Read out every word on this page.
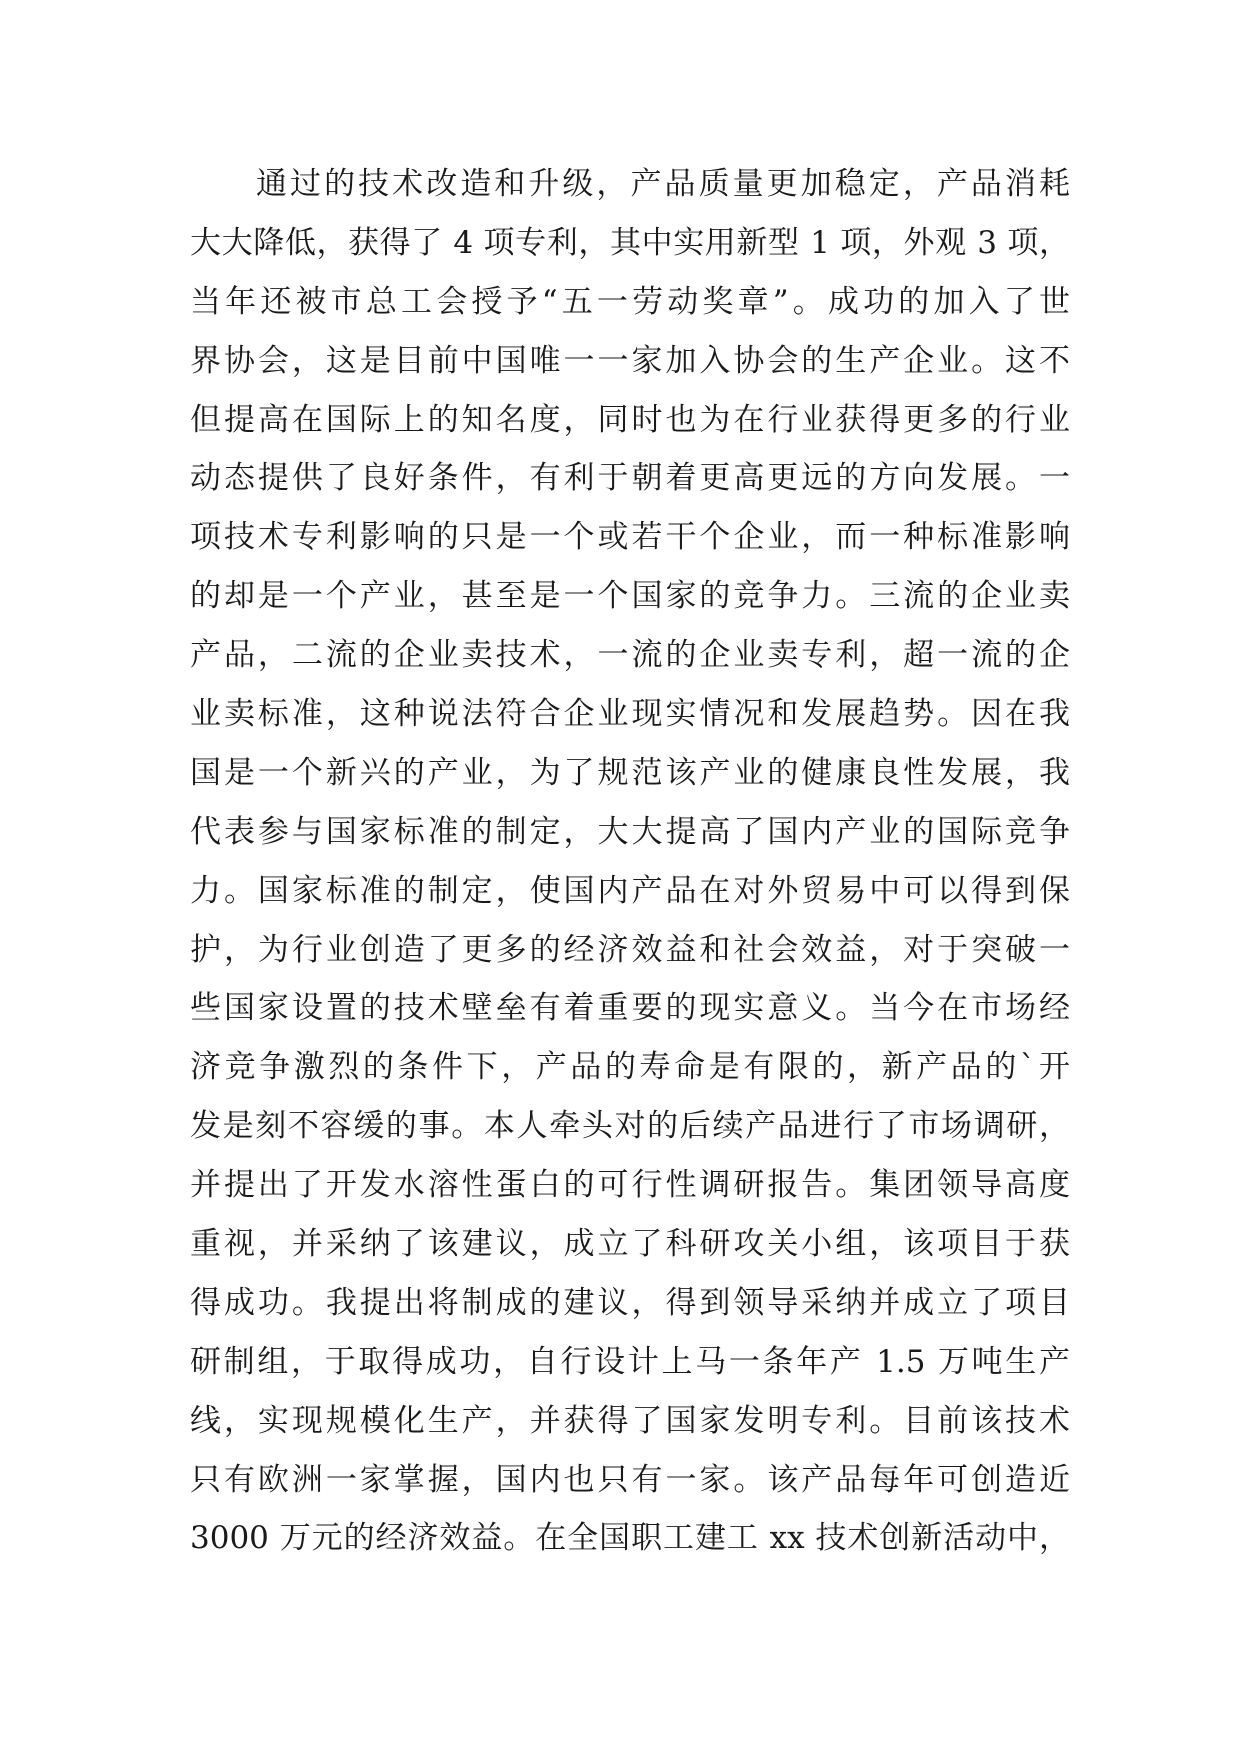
通过的技术改造和升级，产品质量更加稳定，产品消耗
大大降低，获得了 4 项专利，其中实用新型 1 项，外观 3 项，
当年还被市总工会授予“五一劳动奖章”。成功的加入了世
界协会，这是目前中国唯一一家加入协会的生产企业。这不
但提高在国际上的知名度，同时也为在行业获得更多的行业
动态提供了良好条件，有利于朝着更高更远的方向发展。一
项技术专利影响的只是一个或若干个企业，而一种标准影响
的却是一个产业，甚至是一个国家的竞争力。三流的企业卖
产品，二流的企业卖技术，一流的企业卖专利，超一流的企
业卖标准，这种说法符合企业现实情况和发展趋势。因在我
国是一个新兴的产业，为了规范该产业的健康良性发展，我
代表参与国家标准的制定，大大提高了国内产业的国际竞争
力。国家标准的制定，使国内产品在对外贸易中可以得到保
护，为行业创造了更多的经济效益和社会效益，对于突破一
些国家设置的技术壁垒有着重要的现实意义。当今在市场经
济竞争激烈的条件下，产品的寿命是有限的，新产品的`开
发是刻不容缓的事。本人牵头对的后续产品进行了市场调研，
并提出了开发水溶性蛋白的可行性调研报告。集团领导高度
重视，并采纳了该建议，成立了科研攻关小组，该项目于获
得成功。我提出将制成的建议，得到领导采纳并成立了项目
研制组，于取得成功，自行设计上马一条年产 1.5 万吨生产
线，实现规模化生产，并获得了国家发明专利。目前该技术
只有欧洲一家掌握，国内也只有一家。该产品每年可创造近
3000 万元的经济效益。在全国职工建工 xx 技术创新活动中，
